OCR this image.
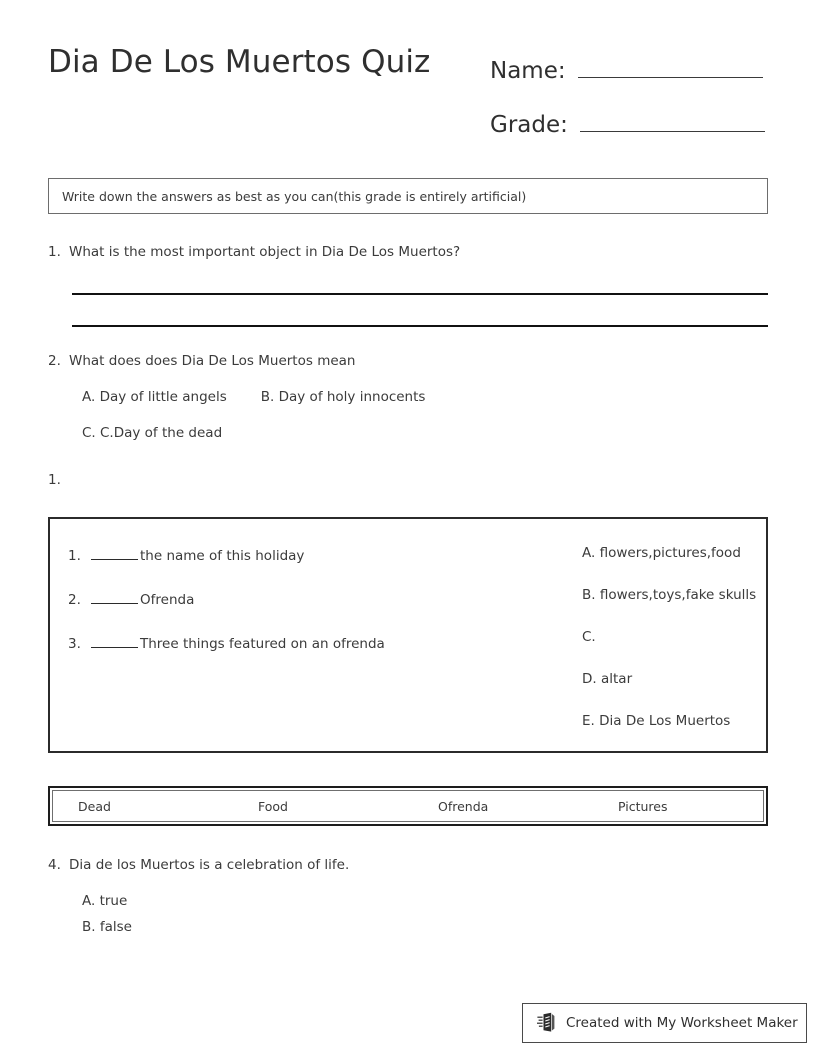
Dia De Los Muertos Quiz	Name:
Grade:
Write down the answers as best as you can(this grade is entirely artificial)
1. What is the most important object in Dia De Los Muertos?
2. What does does Dia De Los Muertos mean
A. Day of little angels	B. Day of holy innocents
C. C.Day of the dead
1.
1.	the name of this holiday
2.	Ofrenda
3.	Three things featured on an ofrenda
A. flowers,pictures,food
B. flowers,toys,fake skulls
C.
D. altar
E. Dia De Los Muertos
Dead	Food	Ofrenda	Pictures
4. Dia de los Muertos is a celebration of life.
A. true
B. false
Created with My Worksheet Maker
